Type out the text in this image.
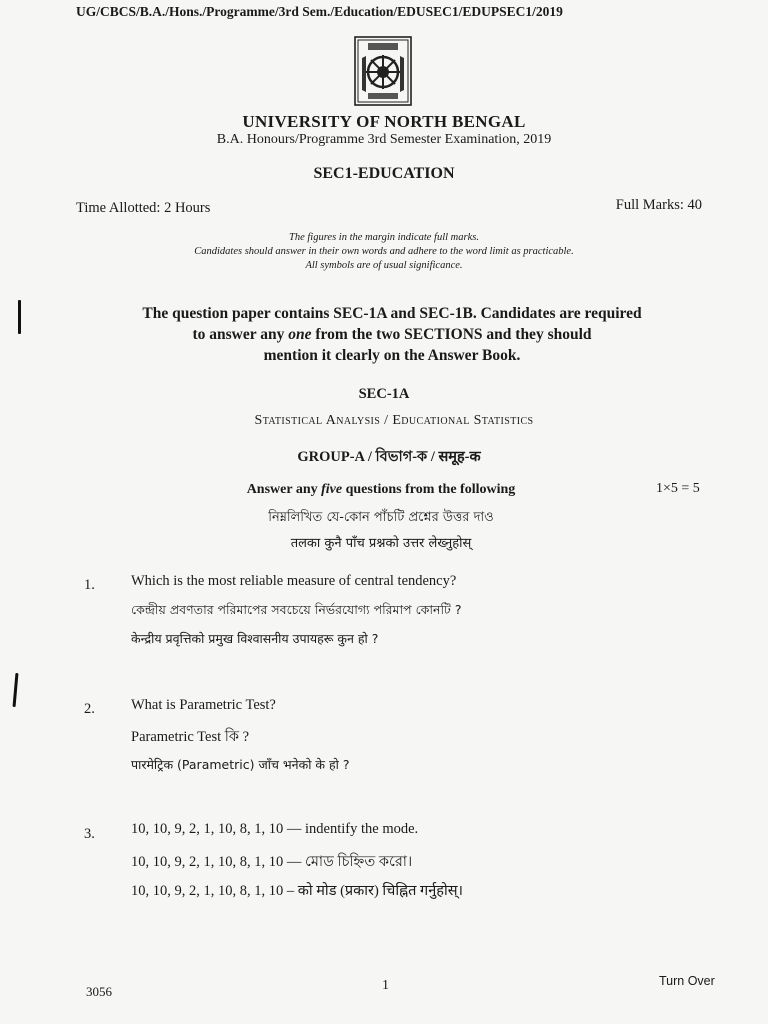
UG/CBCS/B.A./Hons./Programme/3rd Sem./Education/EDUSEC1/EDUPSEC1/2019
UNIVERSITY OF NORTH BENGAL
B.A. Honours/Programme 3rd Semester Examination, 2019
SEC1-EDUCATION
Time Allotted: 2 Hours	Full Marks: 40
The figures in the margin indicate full marks.
Candidates should answer in their own words and adhere to the word limit as practicable.
All symbols are of usual significance.
The question paper contains SEC-1A and SEC-1B. Candidates are required
to answer any one from the two SECTIONS and they should
mention it clearly on the Answer Book.
SEC-1A
Statistical Analysis / Educational Statistics
GROUP-A / বিভাগ-ক / समूह-क
Answer any five questions from the following	1×5 = 5
নিম্নলিখিত যে-কোন পাঁচটি প্রশ্নের উত্তর দাও
तलका कुनै पाँच प्रश्नको उत्तर लेख्नुहोस्
1. Which is the most reliable measure of central tendency?
কেন্দ্রীয় প্রবণতার পরিমাপের সবচেয়ে নির্ভরযোগ্য পরিমাপ কোনটি ?
केन्द्रीय प्रवृत्तिको प्रमुख विश्वासनीय उपायहरू कुन हो ?
2. What is Parametric Test?
Parametric Test কি ?
पारमेट्रिक (Parametric) जाँच भनेको के हो ?
3. 10, 10, 9, 2, 1, 10, 8, 1, 10 — indentify the mode.
10, 10, 9, 2, 1, 10, 8, 1, 10 — মোড চিহ্নিত করো।
10, 10, 9, 2, 1, 10, 8, 1, 10 – को मोड (प्रकार) चिह्नित गर्नुहोस्।
3056	1	Turn Over
